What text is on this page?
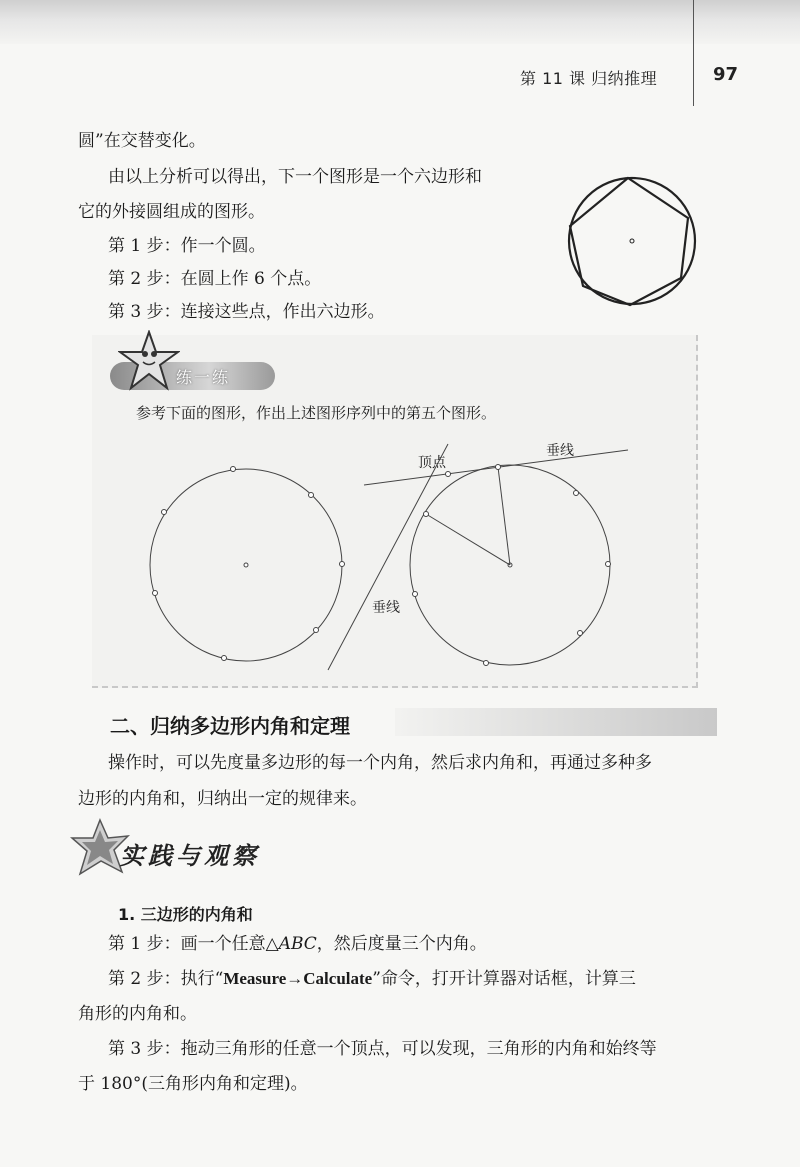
第 11 课 归纳推理	97
圆”在交替变化。
由以上分析可以得出，下一个图形是一个六边形和
它的外接圆组成的图形。
第 1 步：作一个圆。
第 2 步：在圆上作 6 个点。
第 3 步：连接这些点，作出六边形。
练一练
参考下面的图形，作出上述图形序列中的第五个图形。
顶点
垂线
垂线
二、归纳多边形内角和定理
操作时，可以先度量多边形的每一个内角，然后求内角和，再通过多种多
边形的内角和，归纳出一定的规律来。
实践与观察
1. 三边形的内角和
第 1 步：画一个任意△ABC，然后度量三个内角。
第 2 步：执行“Measure→Calculate”命令，打开计算器对话框，计算三
角形的内角和。
第 3 步：拖动三角形的任意一个顶点，可以发现，三角形的内角和始终等
于 180°(三角形内角和定理)。
